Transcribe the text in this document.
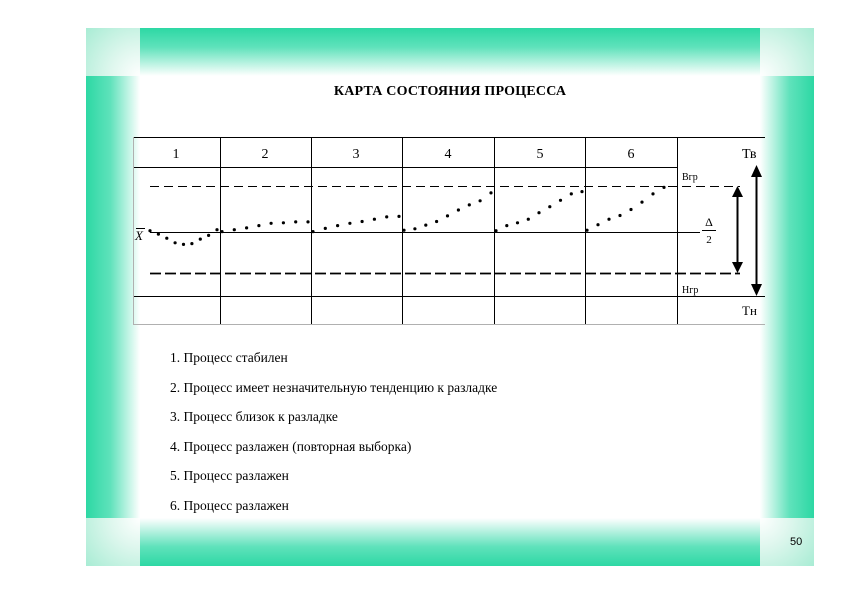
КАРТА СОСТОЯНИЯ ПРОЦЕССА
1	2	3	4	5	6	Тв
Тн
Вгр
Нгр
Δ
2
X
1. Процесс стабилен
2. Процесс имеет незначительную тенденцию к разладке
3. Процесс близок к разладке
4. Процесс разлажен (повторная выборка)
5. Процесс разлажен
6. Процесс разлажен
50
